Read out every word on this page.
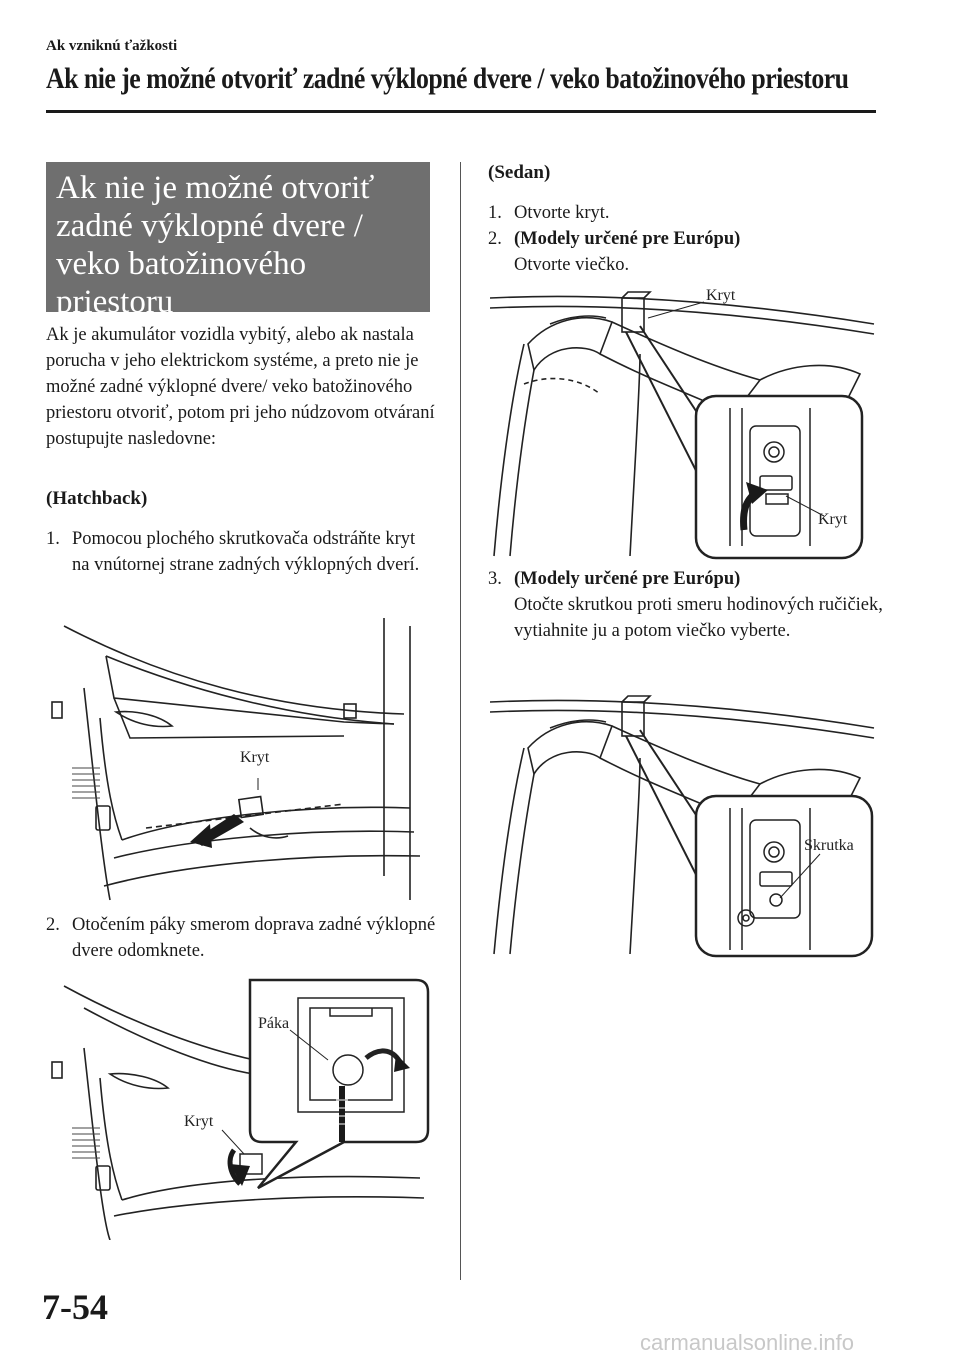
Ak vzniknú ťažkosti
Ak nie je možné otvoriť zadné výklopné dvere / veko batožinového priestoru
Ak nie je možné otvoriť
zadné výklopné dvere /
veko batožinového
priestoru
Ak je akumulátor vozidla vybitý, alebo ak nastala porucha v jeho elektrickom systéme, a preto nie je možné zadné výklopné dvere/ veko batožinového priestoru otvoriť, potom pri jeho núdzovom otváraní postupujte nasledovne:
(Hatchback)
1. Pomocou plochého skrutkovača odstráňte kryt na vnútornej strane zadných výklopných dverí.
Kryt
2. Otočením páky smerom doprava zadné výklopné dvere odomknete.
Páka
Kryt
(Sedan)
1. Otvorte kryt.
2. (Modely určené pre Európu)
Otvorte viečko.
Kryt
Kryt
3. (Modely určené pre Európu)
Otočte skrutkou proti smeru hodinových ručičiek, vytiahnite ju a potom viečko vyberte.
Skrutka
7-54
carmanualsonline.info
